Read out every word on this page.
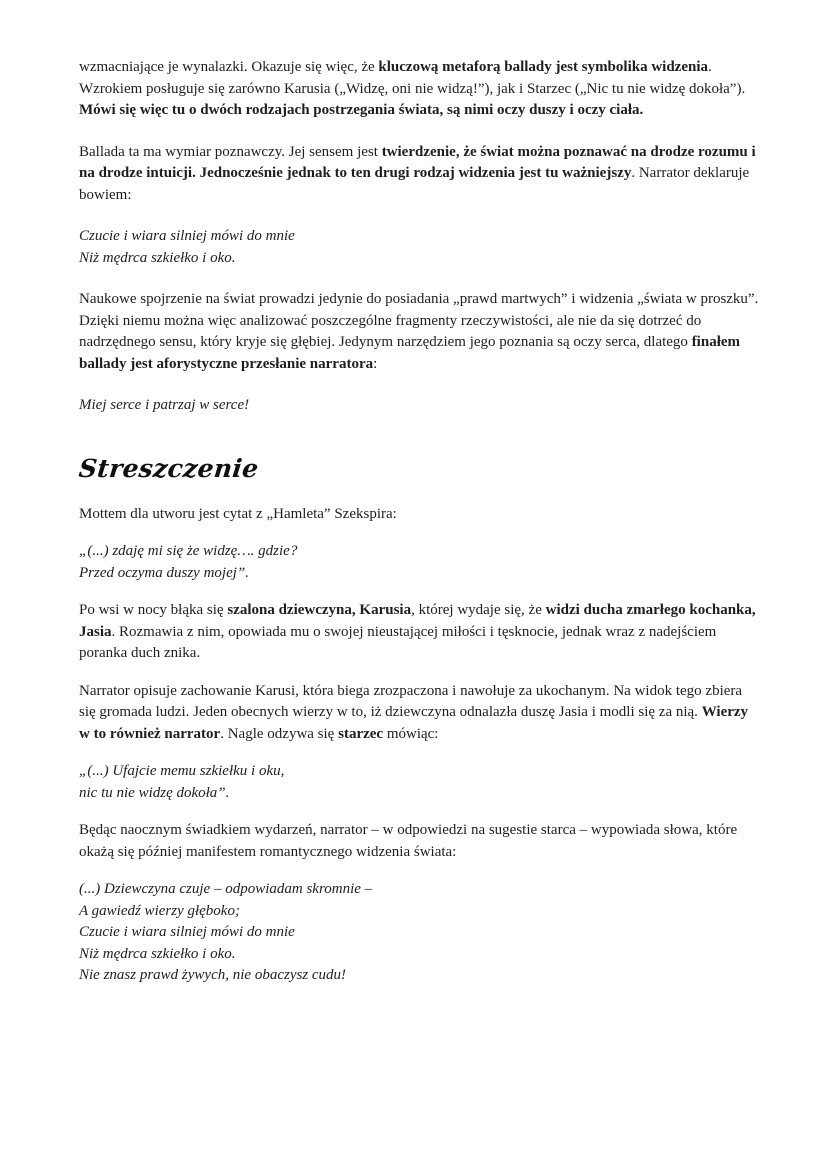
wzmacniające je wynalazki. Okazuje się więc, że kluczową metaforą ballady jest symbolika widzenia.
Wzrokiem posługuje się zarówno Karusia („Widzę, oni nie widzą!”), jak i Starzec („Nic tu nie widzę dokoła”). Mówi się więc tu o dwóch rodzajach postrzegania świata, są nimi oczy duszy i oczy ciała.

Ballada ta ma wymiar poznawczy. Jej sensem jest twierdzenie, że świat można poznawać na drodze rozumu i na drodze intuicji. Jednocześnie jednak to ten drugi rodzaj widzenia jest tu ważniejszy. Narrator deklaruje bowiem:

Czucie i wiara silniej mówi do mnie
Niż mędrca szkiełko i oko.

Naukowe spojrzenie na świat prowadzi jedynie do posiadania „prawd martwych” i widzenia „świata w proszku”. Dzięki niemu można więc analizować poszczególne fragmenty rzeczywistości, ale nie da się dotrzeć do nadrzędnego sensu, który kryje się głębiej. Jedynym narzędziem jego poznania są oczy serca, dlatego finałem ballady jest aforystyczne przesłanie narratora:

Miej serce i patrzaj w serce!

Streszczenie

Mottem dla utworu jest cytat z „Hamleta” Szekspira:

„(...) zdaję mi się że widzę…. gdzie?
Przed oczyma duszy mojej”.

Po wsi w nocy błąka się szalona dziewczyna, Karusia, której wydaje się, że widzi ducha zmarłego kochanka, Jasia. Rozmawia z nim, opowiada mu o swojej nieustającej miłości i tęsknocie, jednak wraz z nadejściem poranka duch znika.

Narrator opisuje zachowanie Karusi, która biega zrozpaczona i nawołuje za ukochanym. Na widok tego zbiera się gromada ludzi. Jeden obecnych wierzy w to, iż dziewczyna odnalazła duszę Jasia i modli się za nią. Wierzy w to również narrator. Nagle odzywa się starzec mówiąc:

„(...) Ufajcie memu szkiełku i oku,
nic tu nie widzę dokoła”.

Będąc naocznym świadkiem wydarzeń, narrator – w odpowiedzi na sugestie starca – wypowiada słowa, które okażą się później manifestem romantycznego widzenia świata:

(...) Dziewczyna czuje – odpowiadam skromnie –
A gawiedź wierzy głęboko;
Czucie i wiara silniej mówi do mnie
Niż mędrca szkiełko i oko.
Nie znasz prawd żywych, nie obaczysz cudu!
